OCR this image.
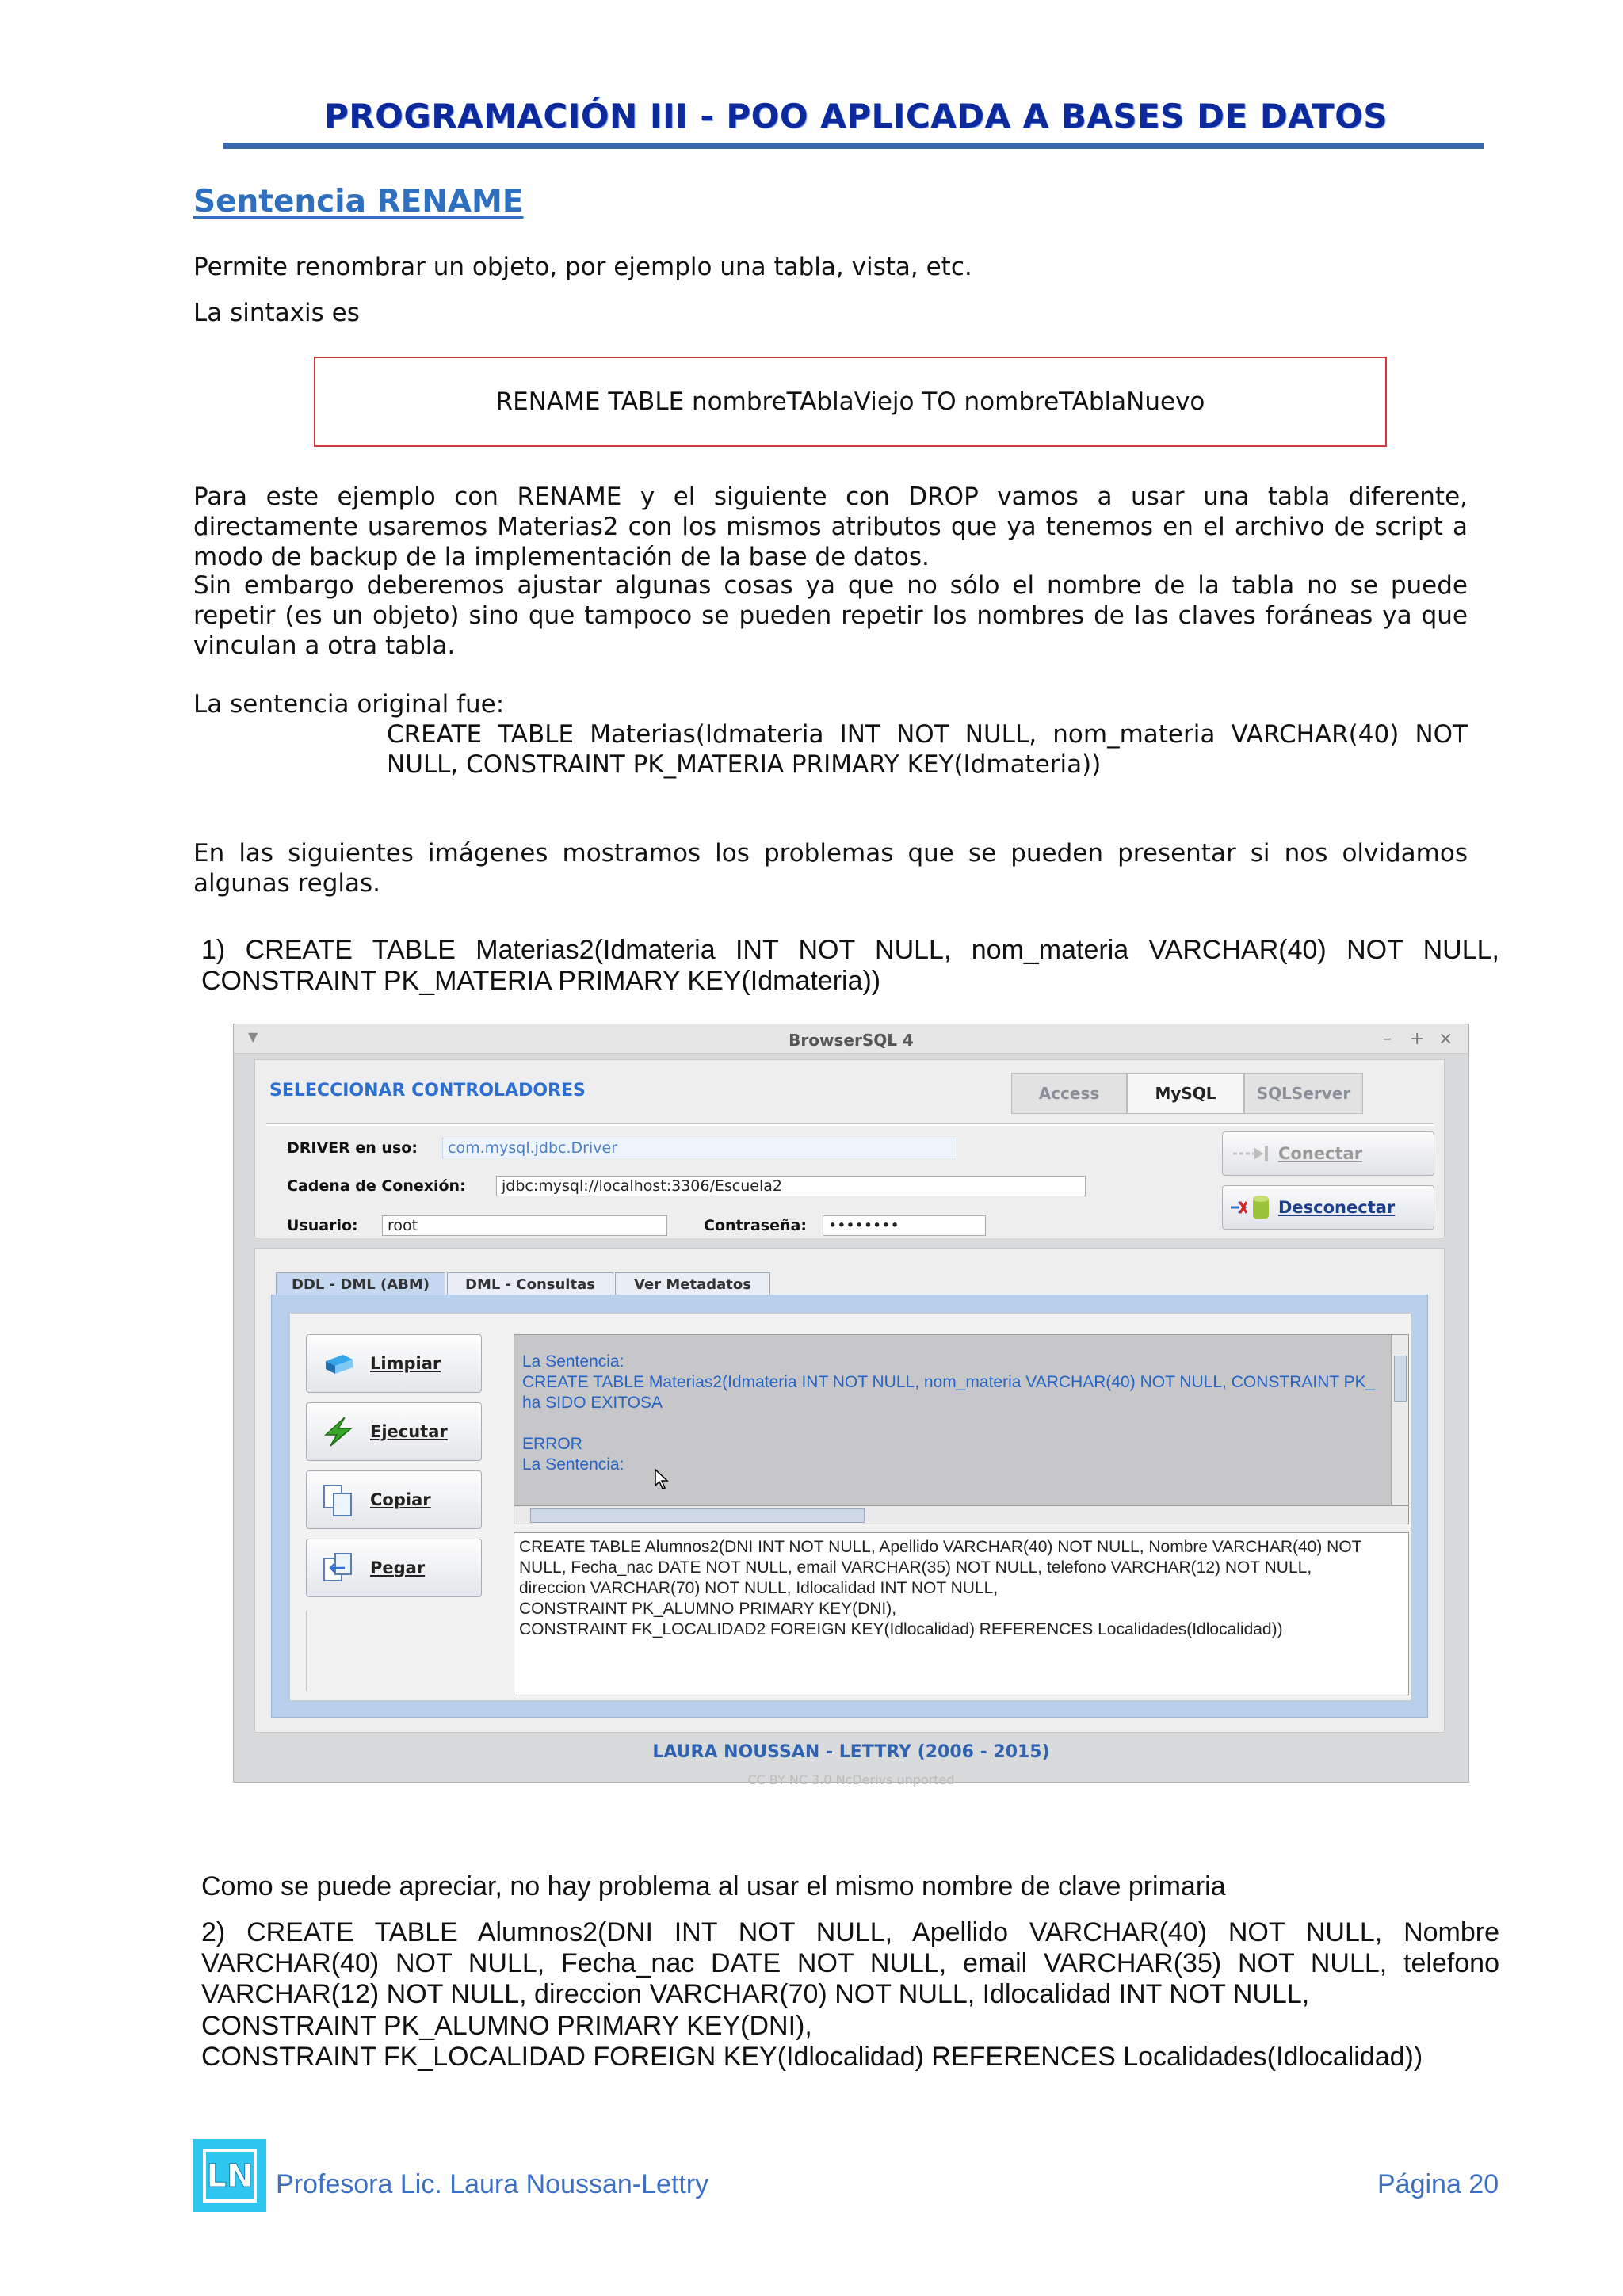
PROGRAMACIÓN III - POO APLICADA A BASES DE DATOS
Sentencia RENAME
Permite renombrar un objeto, por ejemplo una tabla, vista, etc.
La sintaxis es
RENAME TABLE nombreTAblaViejo TO nombreTAblaNuevo
Para este ejemplo con RENAME y el siguiente con DROP vamos a usar una tabla diferente, directamente usaremos Materias2 con los mismos atributos que ya tenemos en el archivo de script a modo de backup de la implementación de la base de datos.
Sin embargo deberemos ajustar algunas cosas ya que no sólo el nombre de la tabla no se puede repetir (es un objeto) sino que tampoco se pueden repetir los nombres de las claves foráneas ya que vinculan a otra tabla.
La sentencia original fue:
CREATE TABLE Materias(Idmateria INT NOT NULL, nom_materia VARCHAR(40) NOT NULL, CONSTRAINT PK_MATERIA PRIMARY KEY(Idmateria))
En las siguientes imágenes mostramos los problemas que se pueden presentar si nos olvidamos algunas reglas.
1) CREATE TABLE Materias2(Idmateria INT NOT NULL, nom_materia VARCHAR(40) NOT NULL, CONSTRAINT PK_MATERIA PRIMARY KEY(Idmateria))
▼	BrowserSQL 4	– + ×
SELECCIONAR CONTROLADORES	Access	MySQL	SQLServer
DRIVER en uso:	com.mysql.jdbc.Driver
Cadena de Conexión:	jdbc:mysql://localhost:3306/Escuela2
Usuario:	root	Contraseña:	••••••••
Conectar
Desconectar
DDL - DML (ABM)	DML - Consultas	Ver Metadatos
Limpiar
Ejecutar
Copiar
Pegar
La Sentencia:
CREATE TABLE Materias2(Idmateria INT NOT NULL, nom_materia VARCHAR(40) NOT NULL, CONSTRAINT PK_
ha SIDO EXITOSA
ERROR
La Sentencia:
CREATE TABLE Alumnos2(DNI INT NOT NULL, Apellido VARCHAR(40) NOT NULL, Nombre VARCHAR(40) NOT
NULL, Fecha_nac DATE NOT NULL, email VARCHAR(35) NOT NULL, telefono VARCHAR(12) NOT NULL,
direccion VARCHAR(70) NOT NULL, Idlocalidad INT NOT NULL,
CONSTRAINT PK_ALUMNO PRIMARY KEY(DNI),
CONSTRAINT FK_LOCALIDAD2 FOREIGN KEY(Idlocalidad) REFERENCES Localidades(Idlocalidad))
LAURA NOUSSAN - LETTRY (2006 - 2015)
CC BY NC 3.0 NcDerivs unported
Como se puede apreciar, no hay problema al usar el mismo nombre de clave primaria
2) CREATE TABLE Alumnos2(DNI INT NOT NULL, Apellido VARCHAR(40) NOT NULL, Nombre VARCHAR(40) NOT NULL, Fecha_nac DATE NOT NULL, email VARCHAR(35) NOT NULL, telefono VARCHAR(12) NOT NULL, direccion VARCHAR(70) NOT NULL, Idlocalidad INT NOT NULL,
CONSTRAINT PK_ALUMNO PRIMARY KEY(DNI),
CONSTRAINT FK_LOCALIDAD FOREIGN KEY(Idlocalidad) REFERENCES Localidades(Idlocalidad))
LN Profesora Lic. Laura Noussan-Lettry	Página 20
